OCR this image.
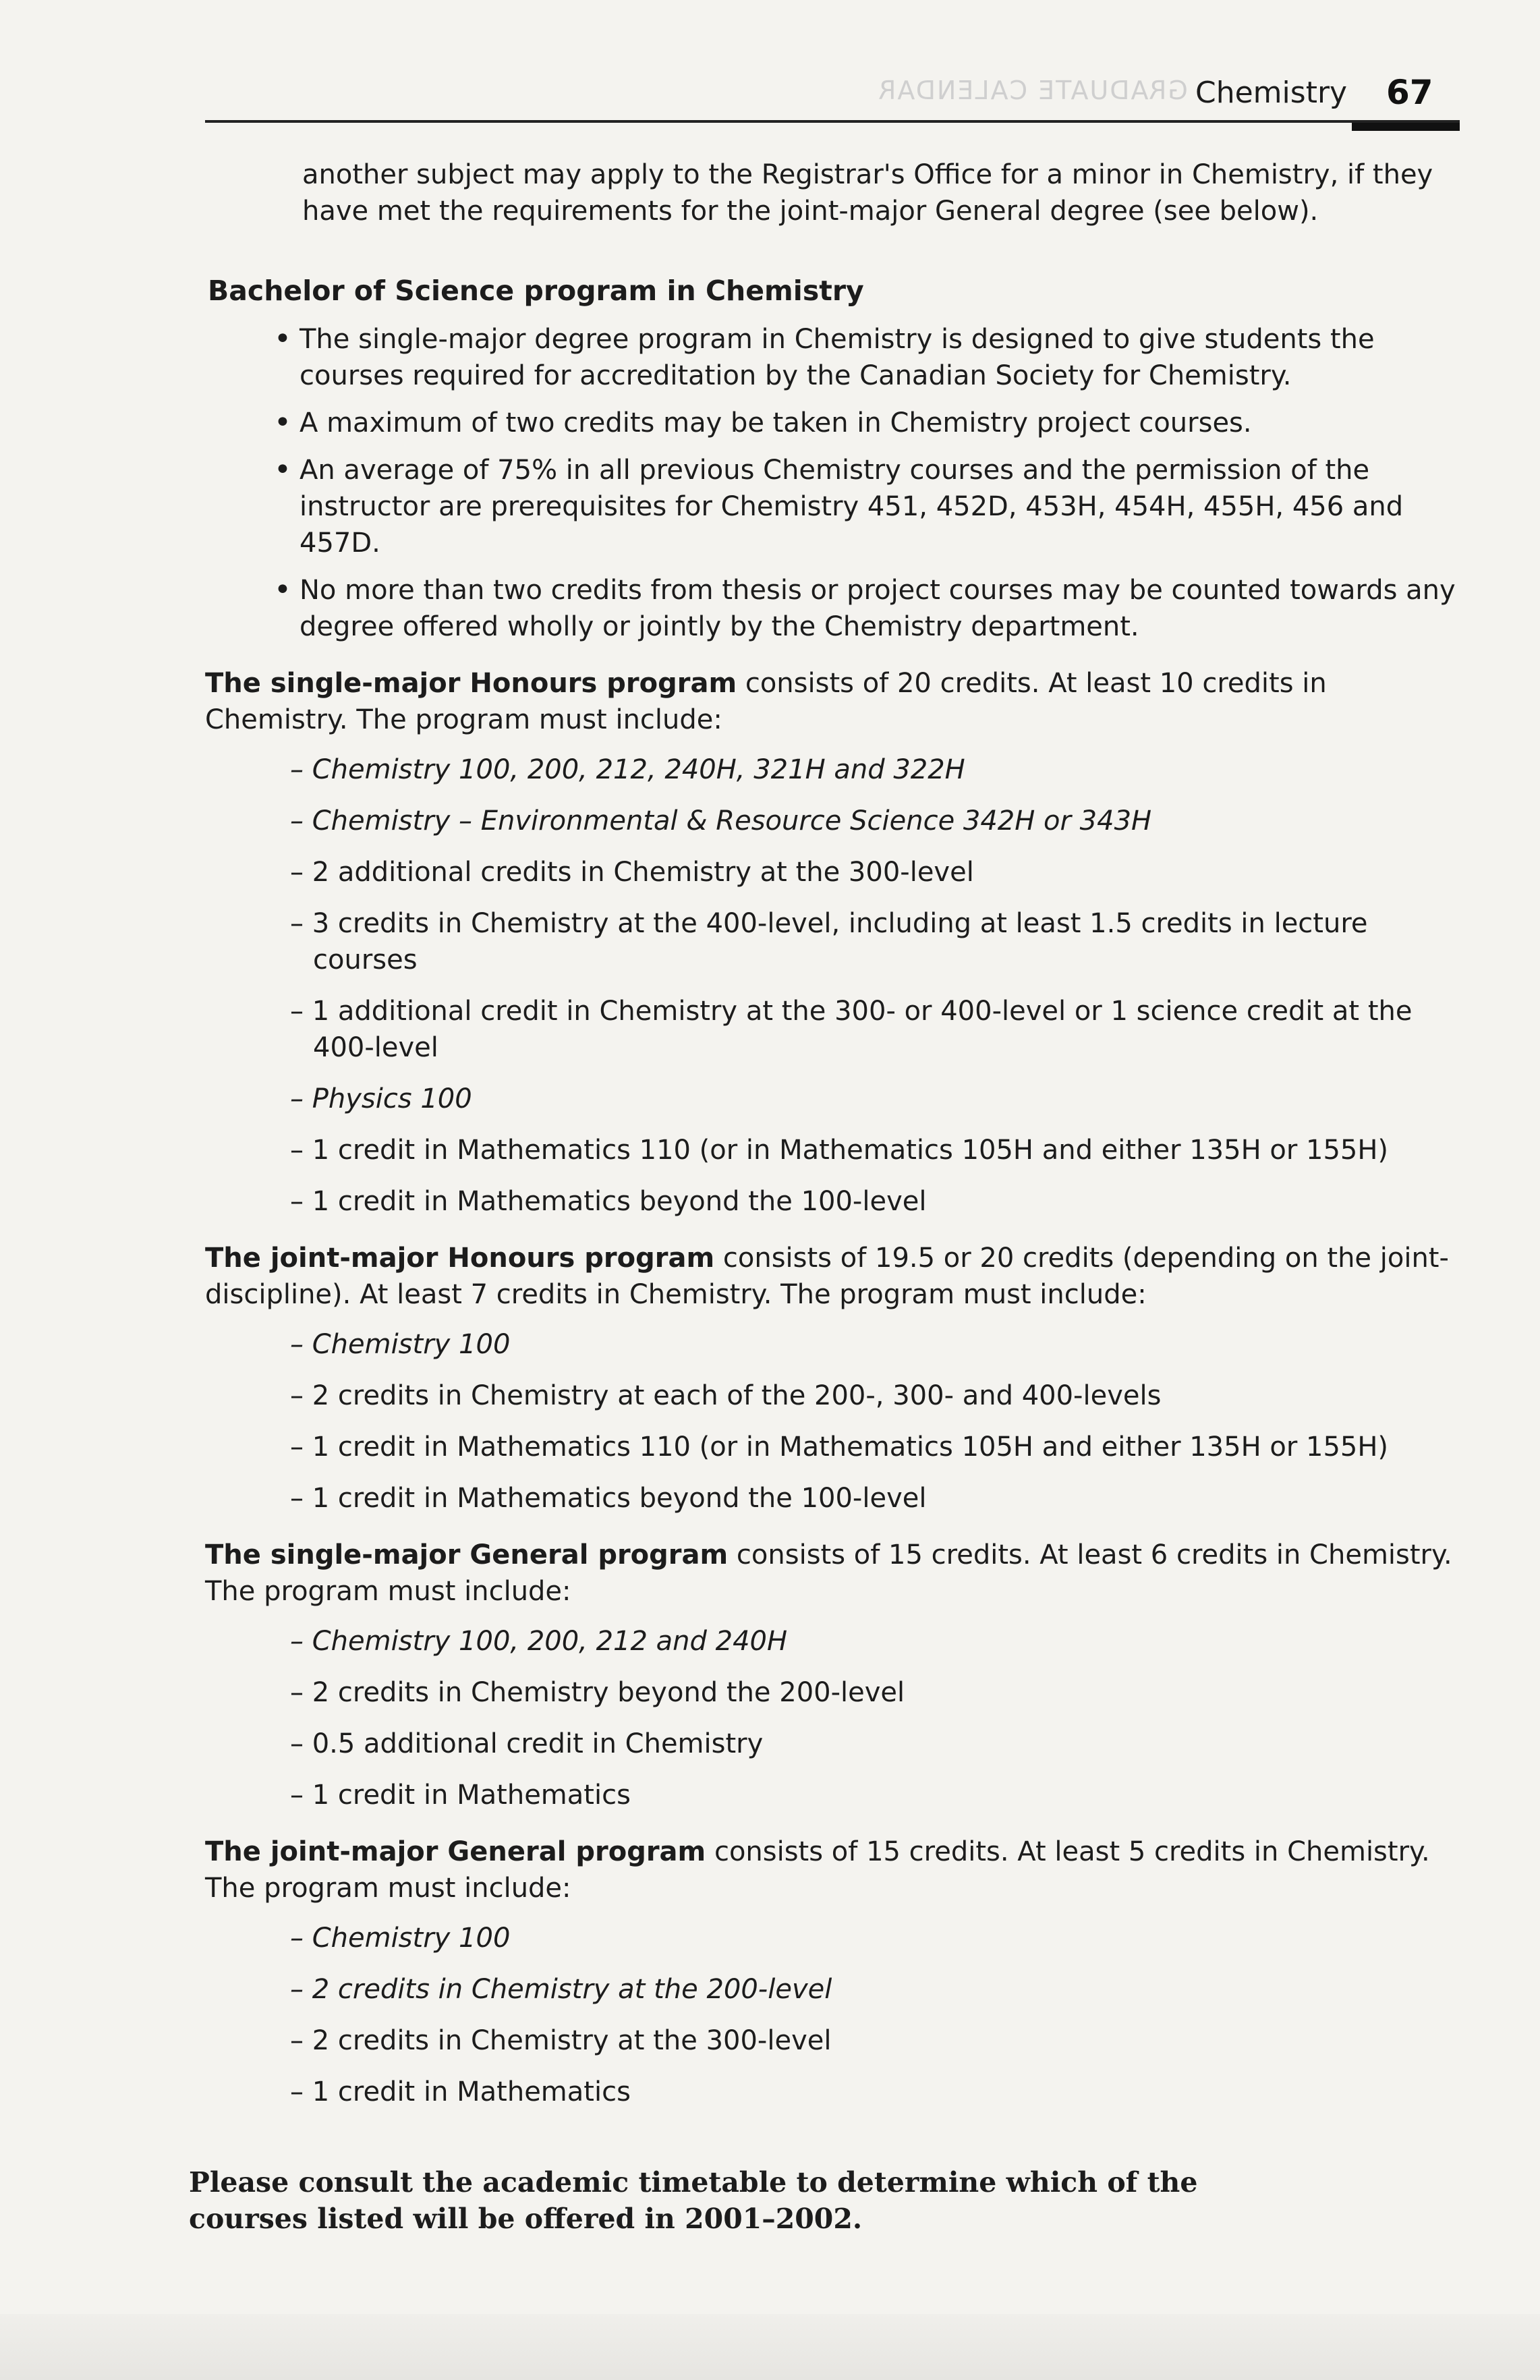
GRADUATE CALENDAR Chemistry 67
another subject may apply to the Registrar's Office for a minor in Chemistry, if they have met the requirements for the joint-major General degree (see below).
Bachelor of Science program in Chemistry
• The single-major degree program in Chemistry is designed to give students the courses required for accreditation by the Canadian Society for Chemistry.
• A maximum of two credits may be taken in Chemistry project courses.
• An average of 75% in all previous Chemistry courses and the permission of the instructor are prerequisites for Chemistry 451, 452D, 453H, 454H, 455H, 456 and 457D.
• No more than two credits from thesis or project courses may be counted towards any degree offered wholly or jointly by the Chemistry department.
The single-major Honours program consists of 20 credits. At least 10 credits in Chemistry. The program must include:
– Chemistry 100, 200, 212, 240H, 321H and 322H
– Chemistry – Environmental & Resource Science 342H or 343H
– 2 additional credits in Chemistry at the 300-level
– 3 credits in Chemistry at the 400-level, including at least 1.5 credits in lecture courses
– 1 additional credit in Chemistry at the 300- or 400-level or 1 science credit at the 400-level
– Physics 100
– 1 credit in Mathematics 110 (or in Mathematics 105H and either 135H or 155H)
– 1 credit in Mathematics beyond the 100-level
The joint-major Honours program consists of 19.5 or 20 credits (depending on the joint-discipline). At least 7 credits in Chemistry. The program must include:
– Chemistry 100
– 2 credits in Chemistry at each of the 200-, 300- and 400-levels
– 1 credit in Mathematics 110 (or in Mathematics 105H and either 135H or 155H)
– 1 credit in Mathematics beyond the 100-level
The single-major General program consists of 15 credits. At least 6 credits in Chemistry. The program must include:
– Chemistry 100, 200, 212 and 240H
– 2 credits in Chemistry beyond the 200-level
– 0.5 additional credit in Chemistry
– 1 credit in Mathematics
The joint-major General program consists of 15 credits. At least 5 credits in Chemistry. The program must include:
– Chemistry 100
– 2 credits in Chemistry at the 200-level
– 2 credits in Chemistry at the 300-level
– 1 credit in Mathematics
Please consult the academic timetable to determine which of the courses listed will be offered in 2001–2002.
